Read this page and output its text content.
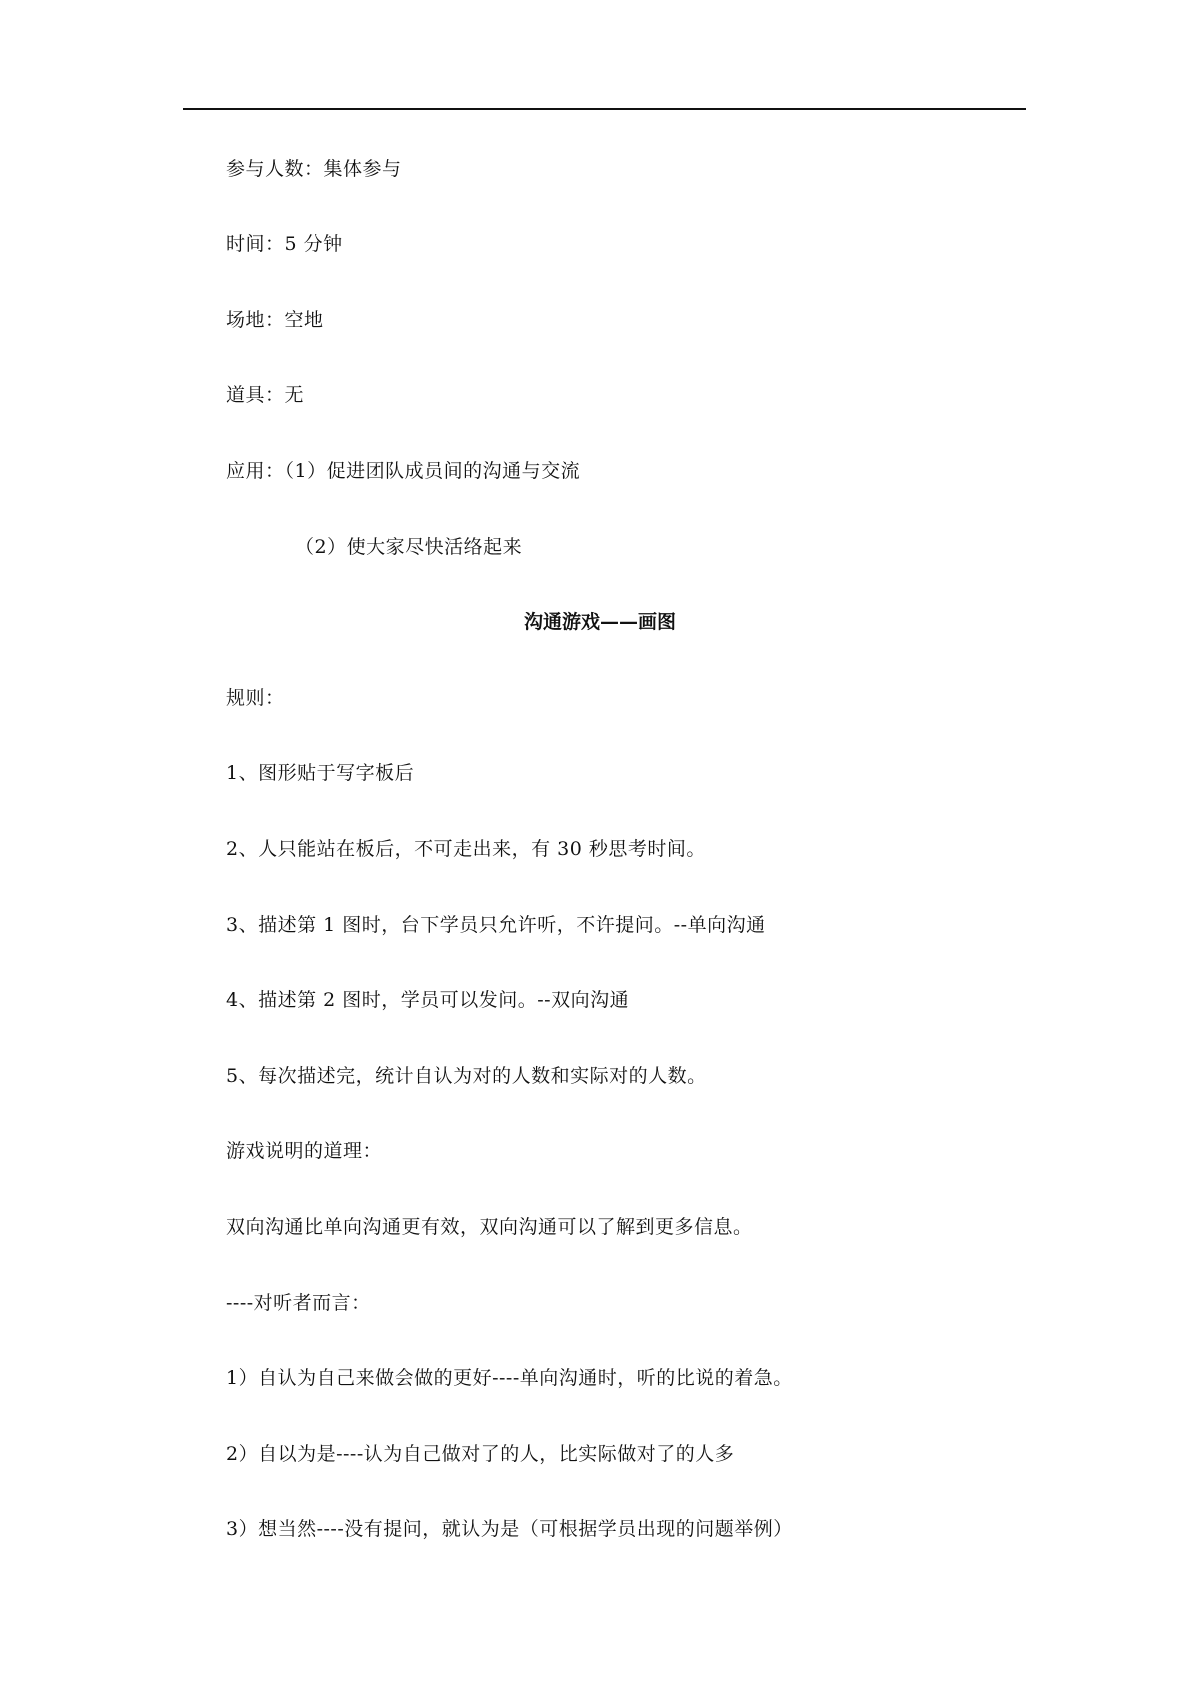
参与人数：集体参与
时间：5 分钟
场地：空地
道具：无
应用：（1）促进团队成员间的沟通与交流
（2）使大家尽快活络起来
沟通游戏——画图
规则：
1、图形贴于写字板后
2、人只能站在板后，不可走出来，有 30 秒思考时间。
3、描述第 1 图时，台下学员只允许听，不许提问。--单向沟通
4、描述第 2 图时，学员可以发问。--双向沟通
5、每次描述完，统计自认为对的人数和实际对的人数。
游戏说明的道理：
双向沟通比单向沟通更有效，双向沟通可以了解到更多信息。
----对听者而言：
1）自认为自己来做会做的更好----单向沟通时，听的比说的着急。
2）自以为是----认为自己做对了的人，比实际做对了的人多
3）想当然----没有提问，就认为是（可根据学员出现的问题举例）
